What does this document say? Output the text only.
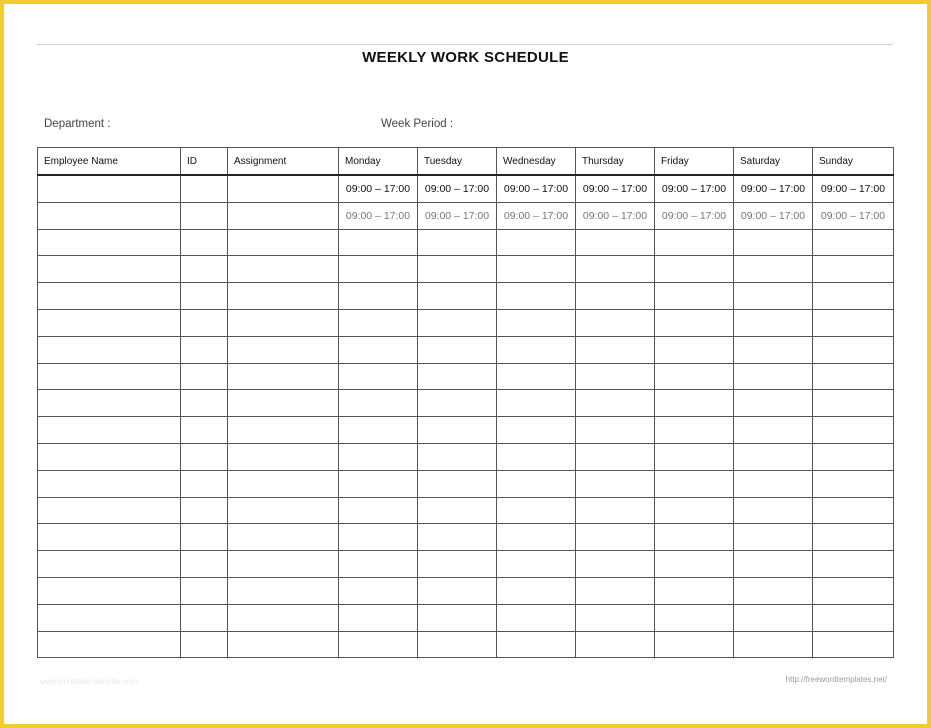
WEEKLY WORK SCHEDULE
Department :	Week Period :
Employee Name	ID	Assignment	Monday	Tuesday	Wednesday	Thursday	Friday	Saturday	Sunday
			09:00 – 17:00	09:00 – 17:00	09:00 – 17:00	09:00 – 17:00	09:00 – 17:00	09:00 – 17:00	09:00 – 17:00
			09:00 – 17:00	09:00 – 17:00	09:00 – 17:00	09:00 – 17:00	09:00 – 17:00	09:00 – 17:00	09:00 – 17:00

www.printablecalendar.com	http://freewordtemplates.net/
